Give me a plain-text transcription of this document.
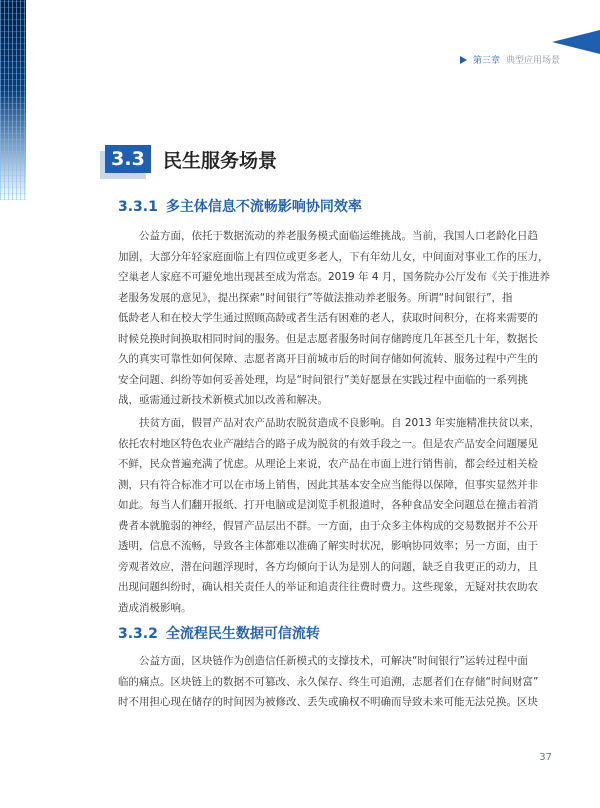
第三章 典型应用场景
3.3 民生服务场景
3.3.1 多主体信息不流畅影响协同效率
公益方面，依托于数据流动的养老服务模式面临运维挑战。当前，我国人口老龄化日趋
加剧，大部分年轻家庭面临上有四位或更多老人，下有年幼儿女，中间面对事业工作的压力，
空巢老人家庭不可避免地出现甚至成为常态。2019 年 4 月，国务院办公厅发布《关于推进养
老服务发展的意见》，提出探索“时间银行”等做法推动养老服务。所谓“时间银行”，指
低龄老人和在校大学生通过照顾高龄或者生活有困难的老人，获取时间积分，在将来需要的
时候兑换时间换取相同时间的服务。但是志愿者服务时间存储跨度几年甚至几十年，数据长
久的真实可靠性如何保障、志愿者离开目前城市后的时间存储如何流转、服务过程中产生的
安全问题、纠纷等如何妥善处理，均是“时间银行”美好愿景在实践过程中面临的一系列挑
战，亟需通过新技术新模式加以改善和解决。
扶贫方面，假冒产品对农产品助农脱贫造成不良影响。自 2013 年实施精准扶贫以来，
依托农村地区特色农业产融结合的路子成为脱贫的有效手段之一。但是农产品安全问题屡见
不鲜，民众普遍充满了忧虑。从理论上来说，农产品在市面上进行销售前，都会经过相关检
测，只有符合标准才可以在市场上销售，因此其基本安全应当能得以保障，但事实显然并非
如此。每当人们翻开报纸、打开电脑或是浏览手机报道时，各种食品安全问题总在撞击着消
费者本就脆弱的神经，假冒产品层出不群。一方面，由于众多主体构成的交易数据并不公开
透明，信息不流畅，导致各主体都难以准确了解实时状况，影响协同效率；另一方面，由于
旁观者效应，潜在问题浮现时，各方均倾向于认为是别人的问题，缺乏自我更正的动力，且
出现问题纠纷时，确认相关责任人的举证和追责往往费时费力。这些现象，无疑对扶农助农
造成消极影响。
3.3.2 全流程民生数据可信流转
公益方面，区块链作为创造信任新模式的支撑技术，可解决“时间银行”运转过程中面
临的痛点。区块链上的数据不可篡改、永久保存、终生可追溯，志愿者们在存储“时间财富”
时不用担心现在储存的时间因为被修改、丢失或确权不明确而导致未来可能无法兑换。区块
37
